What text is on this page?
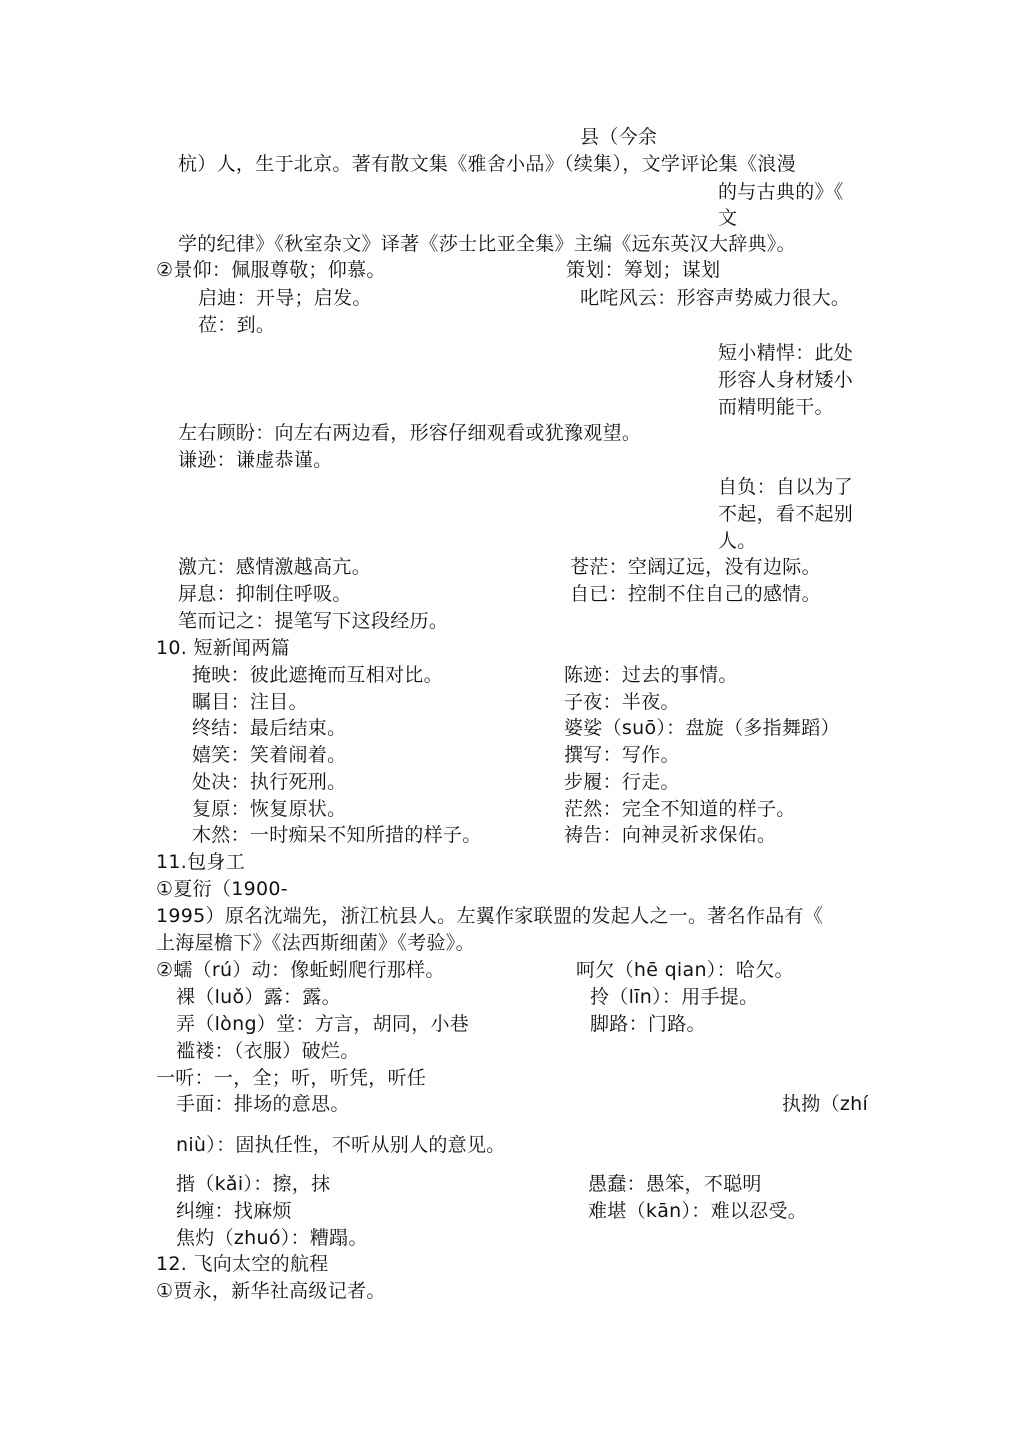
县（今余
杭）人，生于北京。著有散文集《雅舍小品》（续集），文学评论集《浪漫
的与古典的》《
文
学的纪律》《秋室杂文》译著《莎士比亚全集》主编《远东英汉大辞典》。
②景仰：佩服尊敬；仰慕。	策划：筹划；谋划
启迪：开导；启发。	叱咤风云：形容声势威力很大。
莅：到。
短小精悍：此处
形容人身材矮小
而精明能干。
左右顾盼：向左右两边看，形容仔细观看或犹豫观望。
谦逊：谦虚恭谨。
自负：自以为了
不起，看不起别
人。
激亢：感情激越高亢。	苍茫：空阔辽远，没有边际。
屏息：抑制住呼吸。	自已：控制不住自己的感情。
笔而记之：提笔写下这段经历。
10. 短新闻两篇
掩映：彼此遮掩而互相对比。	陈迹：过去的事情。
瞩目：注目。	子夜：半夜。
终结：最后结束。	婆娑（suō）：盘旋（多指舞蹈）
嬉笑：笑着闹着。	撰写：写作。
处决：执行死刑。	步履：行走。
复原：恢复原状。	茫然：完全不知道的样子。
木然：一时痴呆不知所措的样子。	祷告：向神灵祈求保佑。
11.包身工
①夏衍（1900-
1995）原名沈端先，浙江杭县人。左翼作家联盟的发起人之一。著名作品有《
上海屋檐下》《法西斯细菌》《考验》。
②蠕（rú）动：像蚯蚓爬行那样。	呵欠（hē qian）：哈欠。
裸（luǒ）露：露。	拎（līn）：用手提。
弄（lòng）堂：方言，胡同，小巷	脚路：门路。
褴褛：（衣服）破烂。
一听：一，全；听，听凭，听任
手面：排场的意思。	执拗（zhí
niù）：固执任性，不听从别人的意见。
揩（kǎi）：擦，抹	愚蠢：愚笨，不聪明
纠缠：找麻烦	难堪（kān）：难以忍受。
焦灼（zhuó）：糟蹋。
12. 飞向太空的航程
①贾永，新华社高级记者。
